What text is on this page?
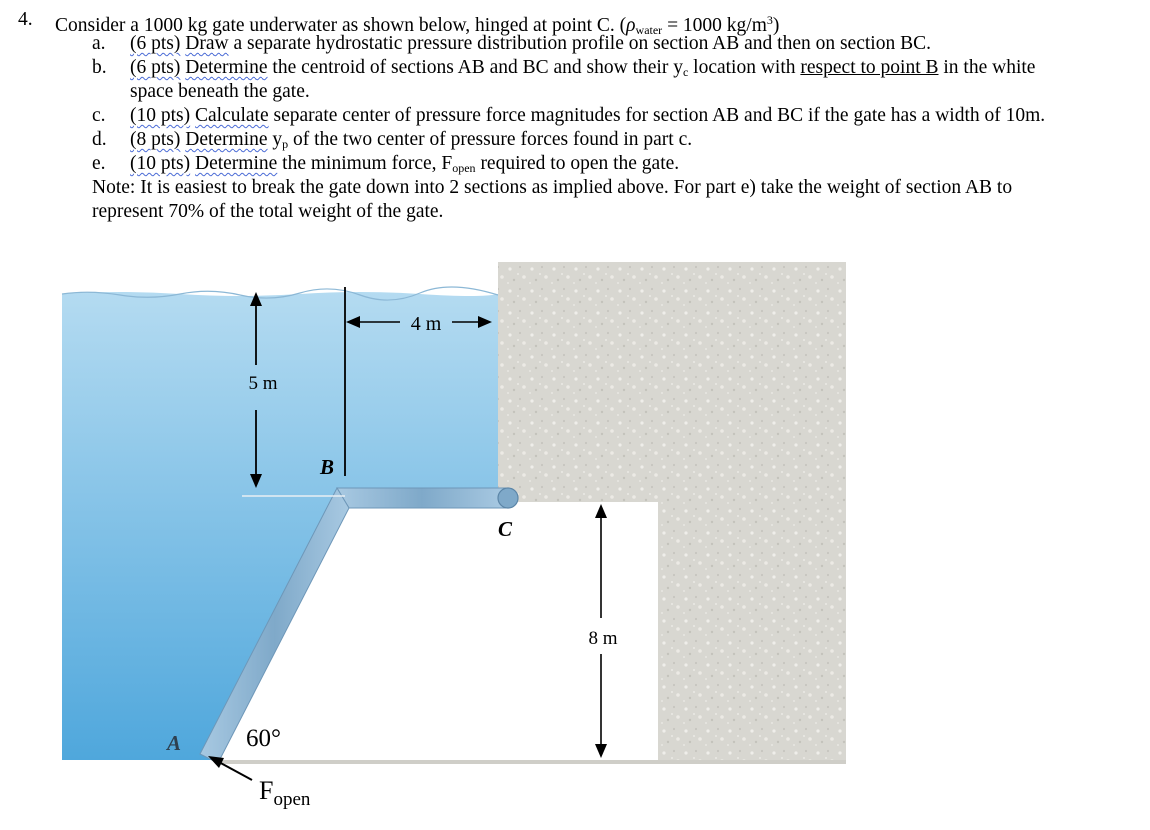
4. Consider a 1000 kg gate underwater as shown below, hinged at point C. ($\rho_{water} = 1000$ $kg/m^3$)
a. (6 pts) Draw a separate hydrostatic pressure distribution profile on section AB and then on section BC.
b. (6 pts) Determine the centroid of sections AB and BC and show their $y_c$ location with respect to point B in the white
space beneath the gate.
c. (10 pts) Calculate separate center of pressure force magnitudes for section AB and BC if the gate has a width of 10m.
d. (8 pts) Determine $y_p$ of the two center of pressure forces found in part c.
e. (10 pts) Determine the minimum force, $F_{open}$ required to open the gate.
Note: It is easiest to break the gate down into 2 sections as implied above. For part e) take the weight of section AB to
represent 70% of the total weight of the gate.
5 m
4 m
8 m
B
C
A	60°
$F_{open}$
